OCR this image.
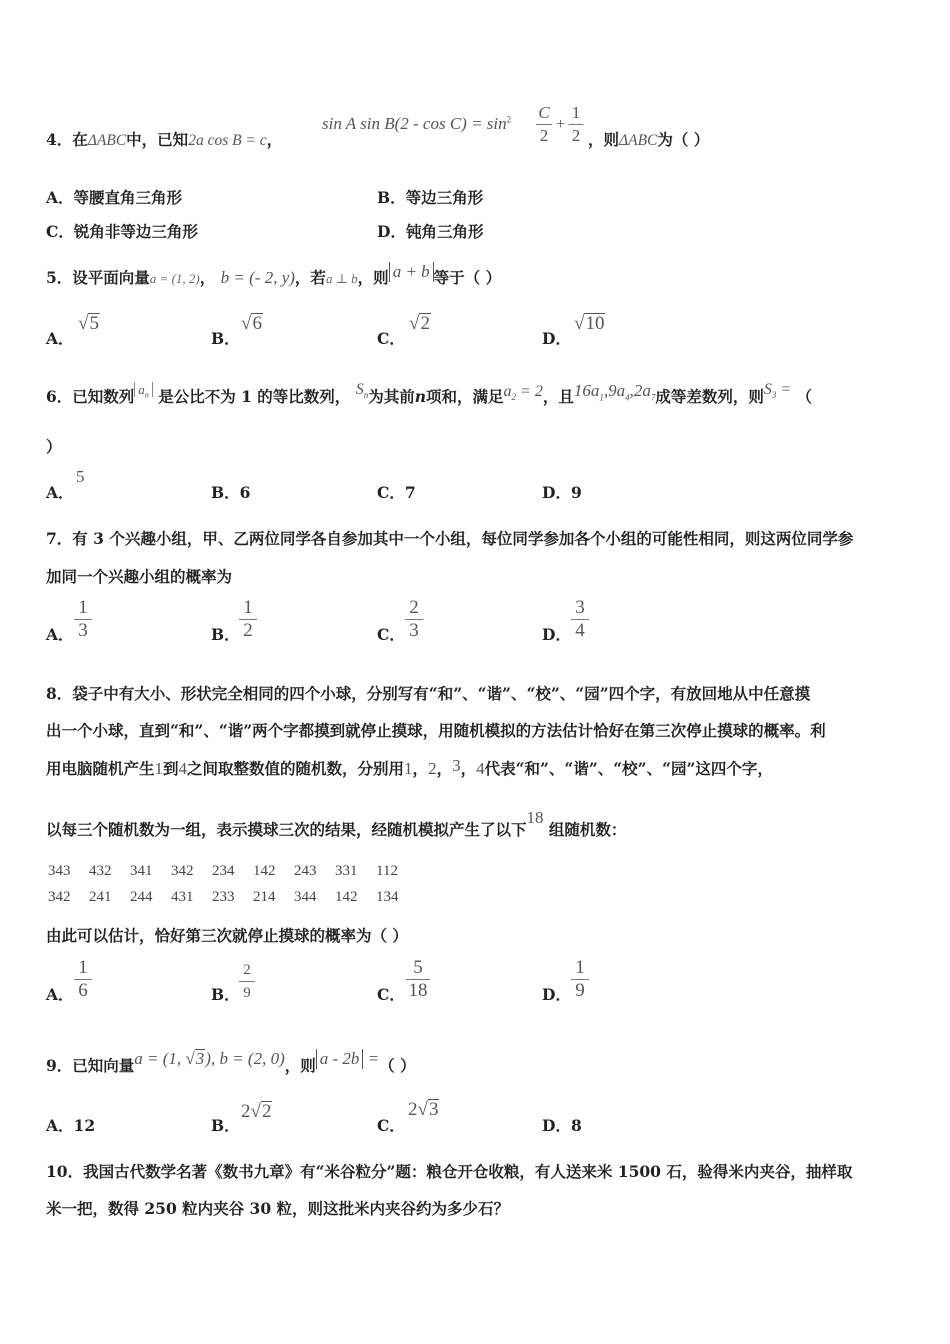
4．在ΔABC中，已知2a cos B = c，
sin A $\sin B(2 - \cos C) = \sin^2 \frac{C}{2} + \frac{1}{2}$ ，则ΔABC为（ ）
A．等腰直角三角形	B．等边三角形
C．锐角非等边三角形	D．钝角三角形
5．设平面向量a = (1, 2)， b = (- 2, y)，若a ⊥ b，则 a + b 等于（ ）
A．
√5
B．
√6
C．
√2
D．
√10
6．已知数列 $^{a_n}$ 是公比不为 1 的等比数列， $S_n$为其前n项和，满足$a_2 = 2$，且$16a_1,9a_4,2a_7$成等差数列，则$S_3$ = （
）
A．
5
B．6	C．7	D．9
7．有 3 个兴趣小组，甲、乙两位同学各自参加其中一个小组，每位同学参加各个小组的可能性相同，则这两位同学参
加同一个兴趣小组的概率为
A． $\frac{1}{3}$	B． $\frac{1}{2}$	C． $\frac{2}{3}$	D． $\frac{3}{4}$
8．袋子中有大小、形状完全相同的四个小球，分别写有“和”、“谐”、“校”、“园”四个字，有放回地从中任意摸
出一个小球，直到“和”、“谐”两个字都摸到就停止摸球，用随机模拟的方法估计恰好在第三次停止摸球的概率。利
用电脑随机产生1到4之间取整数值的随机数，分别用1，2，3，4代表“和”、“谐”、“校”、“园”这四个字，
以每三个随机数为一组，表示摸球三次的结果，经随机模拟产生了以下18 组随机数：
343 432 341 342 234 142 243 331 112
342 241 244 431 233 214 344 142 134
由此可以估计，恰好第三次就停止摸球的概率为（ ）
A． $\frac{1}{6}$	B． $\frac{2}{9}$	C． $\frac{5}{18}$	D． $\frac{1}{9}$
9．已知向量a = (1, √3), b = (2, 0)，则 a - 2b =（ ）
A．12	B．
2√2
C．
2√3
D．8
10．我国古代数学名著《数书九章》有“米谷粒分”题：粮仓开仓收粮，有人送来米 1500 石，验得米内夹谷，抽样取
米一把，数得 250 粒内夹谷 30 粒，则这批米内夹谷约为多少石？
